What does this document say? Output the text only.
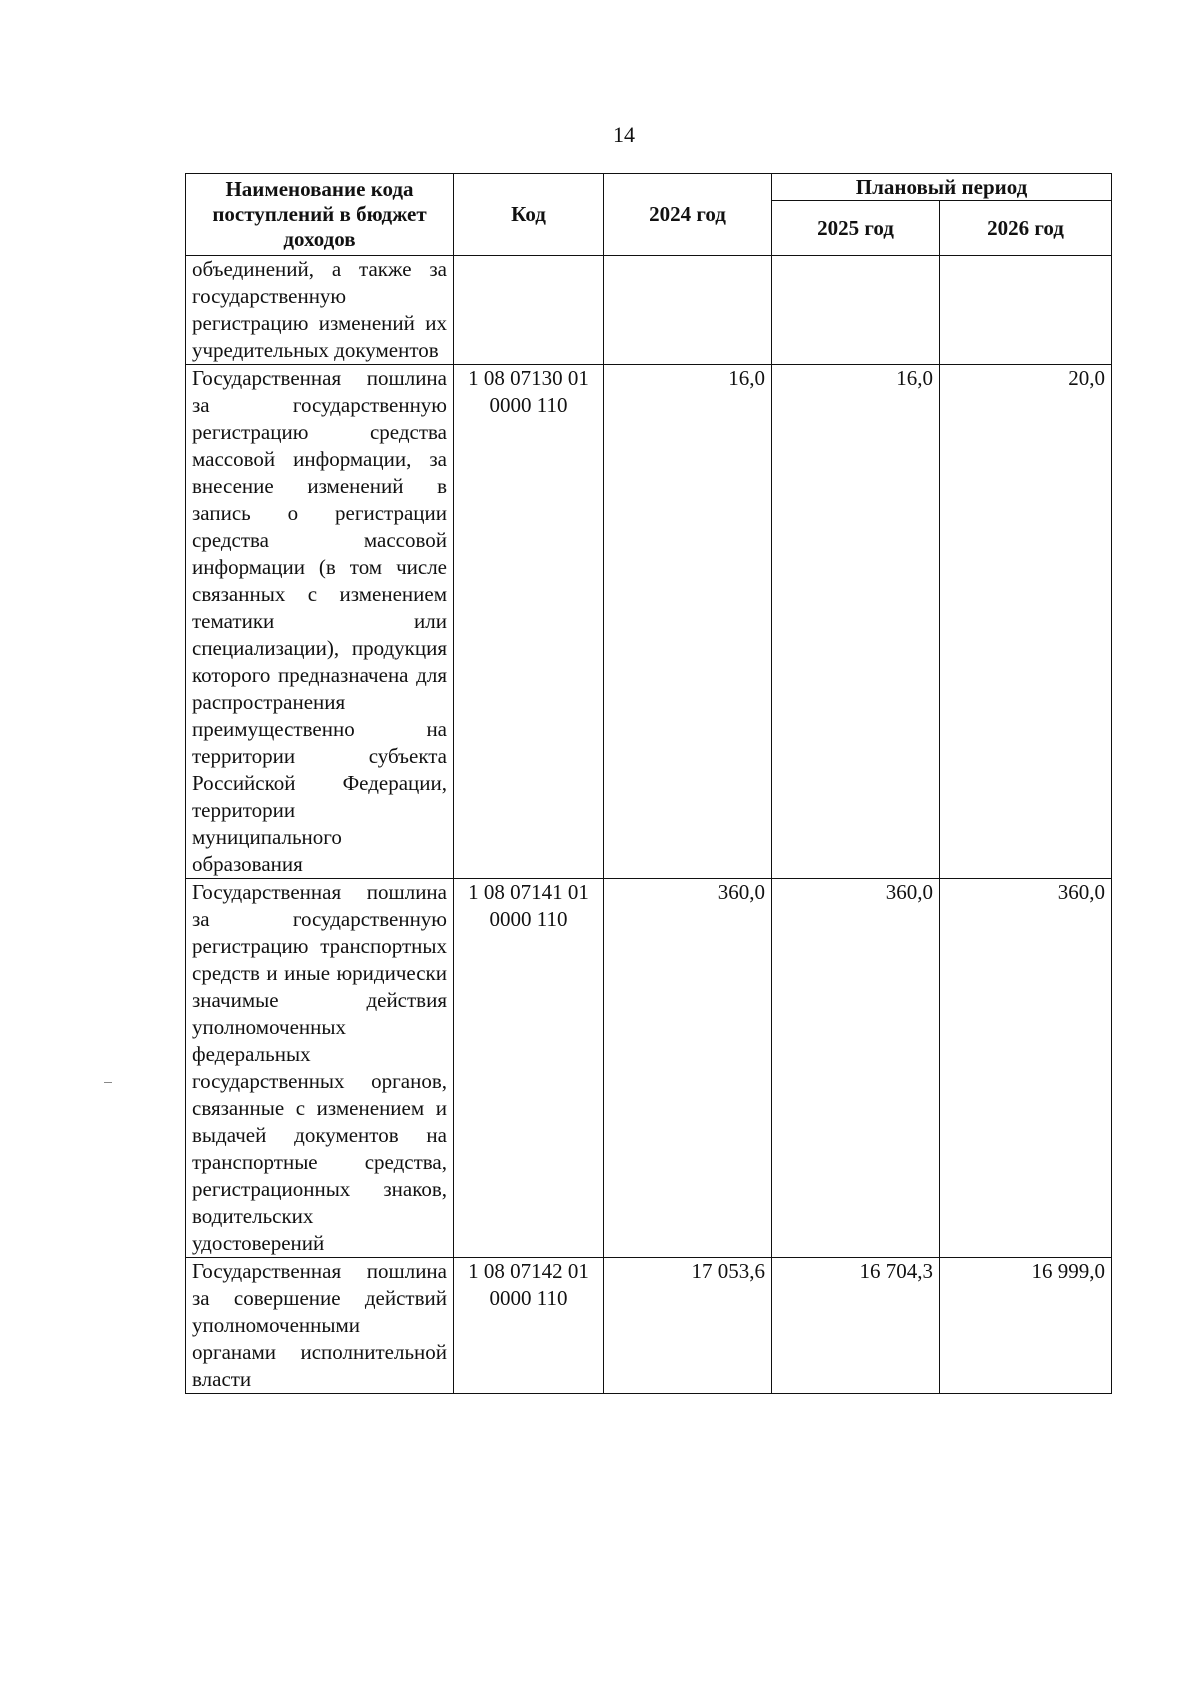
14
Наименование кода поступлений в бюджет доходов	Код	2024 год	Плановый период	
			2025 год	2026 год
объединений, а также за государственную регистрацию изменений их учредительных документов				
Государственная пошлина за государственную регистрацию средства массовой информации, за внесение изменений в запись о регистрации средства массовой информации (в том числе связанных с изменением тематики или специализации), продукция которого предназначена для распространения преимущественно на территории субъекта Российской Федерации, территории муниципального образования	1 08 07130 01 0000 110	16,0	16,0	20,0
Государственная пошлина за государственную регистрацию транспортных средств и иные юридически значимые действия уполномоченных федеральных государственных органов, связанные с изменением и выдачей документов на транспортные средства, регистрационных знаков, водительских удостоверений	1 08 07141 01 0000 110	360,0	360,0	360,0
Государственная пошлина за совершение действий уполномоченными органами исполнительной власти	1 08 07142 01 0000 110	17 053,6	16 704,3	16 999,0
